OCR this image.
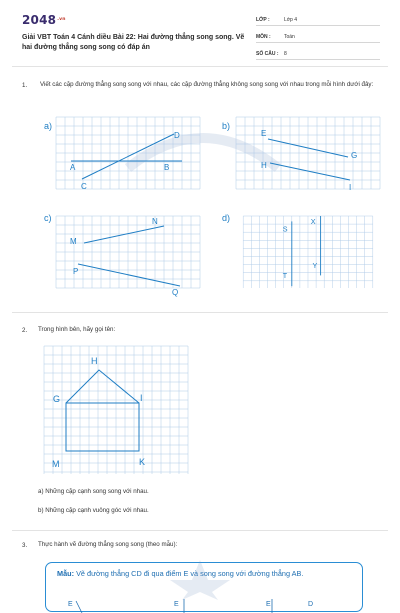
$2048^{.vn}$
Giải VBT Toán 4 Cánh diều Bài 22: Hai đường thẳng song song. Vẽ hai đường thẳng song song có đáp án
LỚP :	Lớp 4
MÔN :	Toán
SỐ CÂU : 8
1. Viết các cặp đường thẳng song song với nhau, các cặp đường thẳng không song song với nhau trong mỗi hình dưới đây:
a)
D
A	B
C
b)
E
G
H
I
c)	N
M
P
Q
d)	X
S
Y
T
2. Trong hình bên, hãy gọi tên:
H
G	I
M	K
a) Những cặp cạnh song song với nhau.
b) Những cặp cạnh vuông góc với nhau.
3. Thực hành vẽ đường thẳng song song (theo mẫu):
Mẫu: Vẽ đường thẳng CD đi qua điểm E và song song với đường thẳng AB.
E	E	E	D
